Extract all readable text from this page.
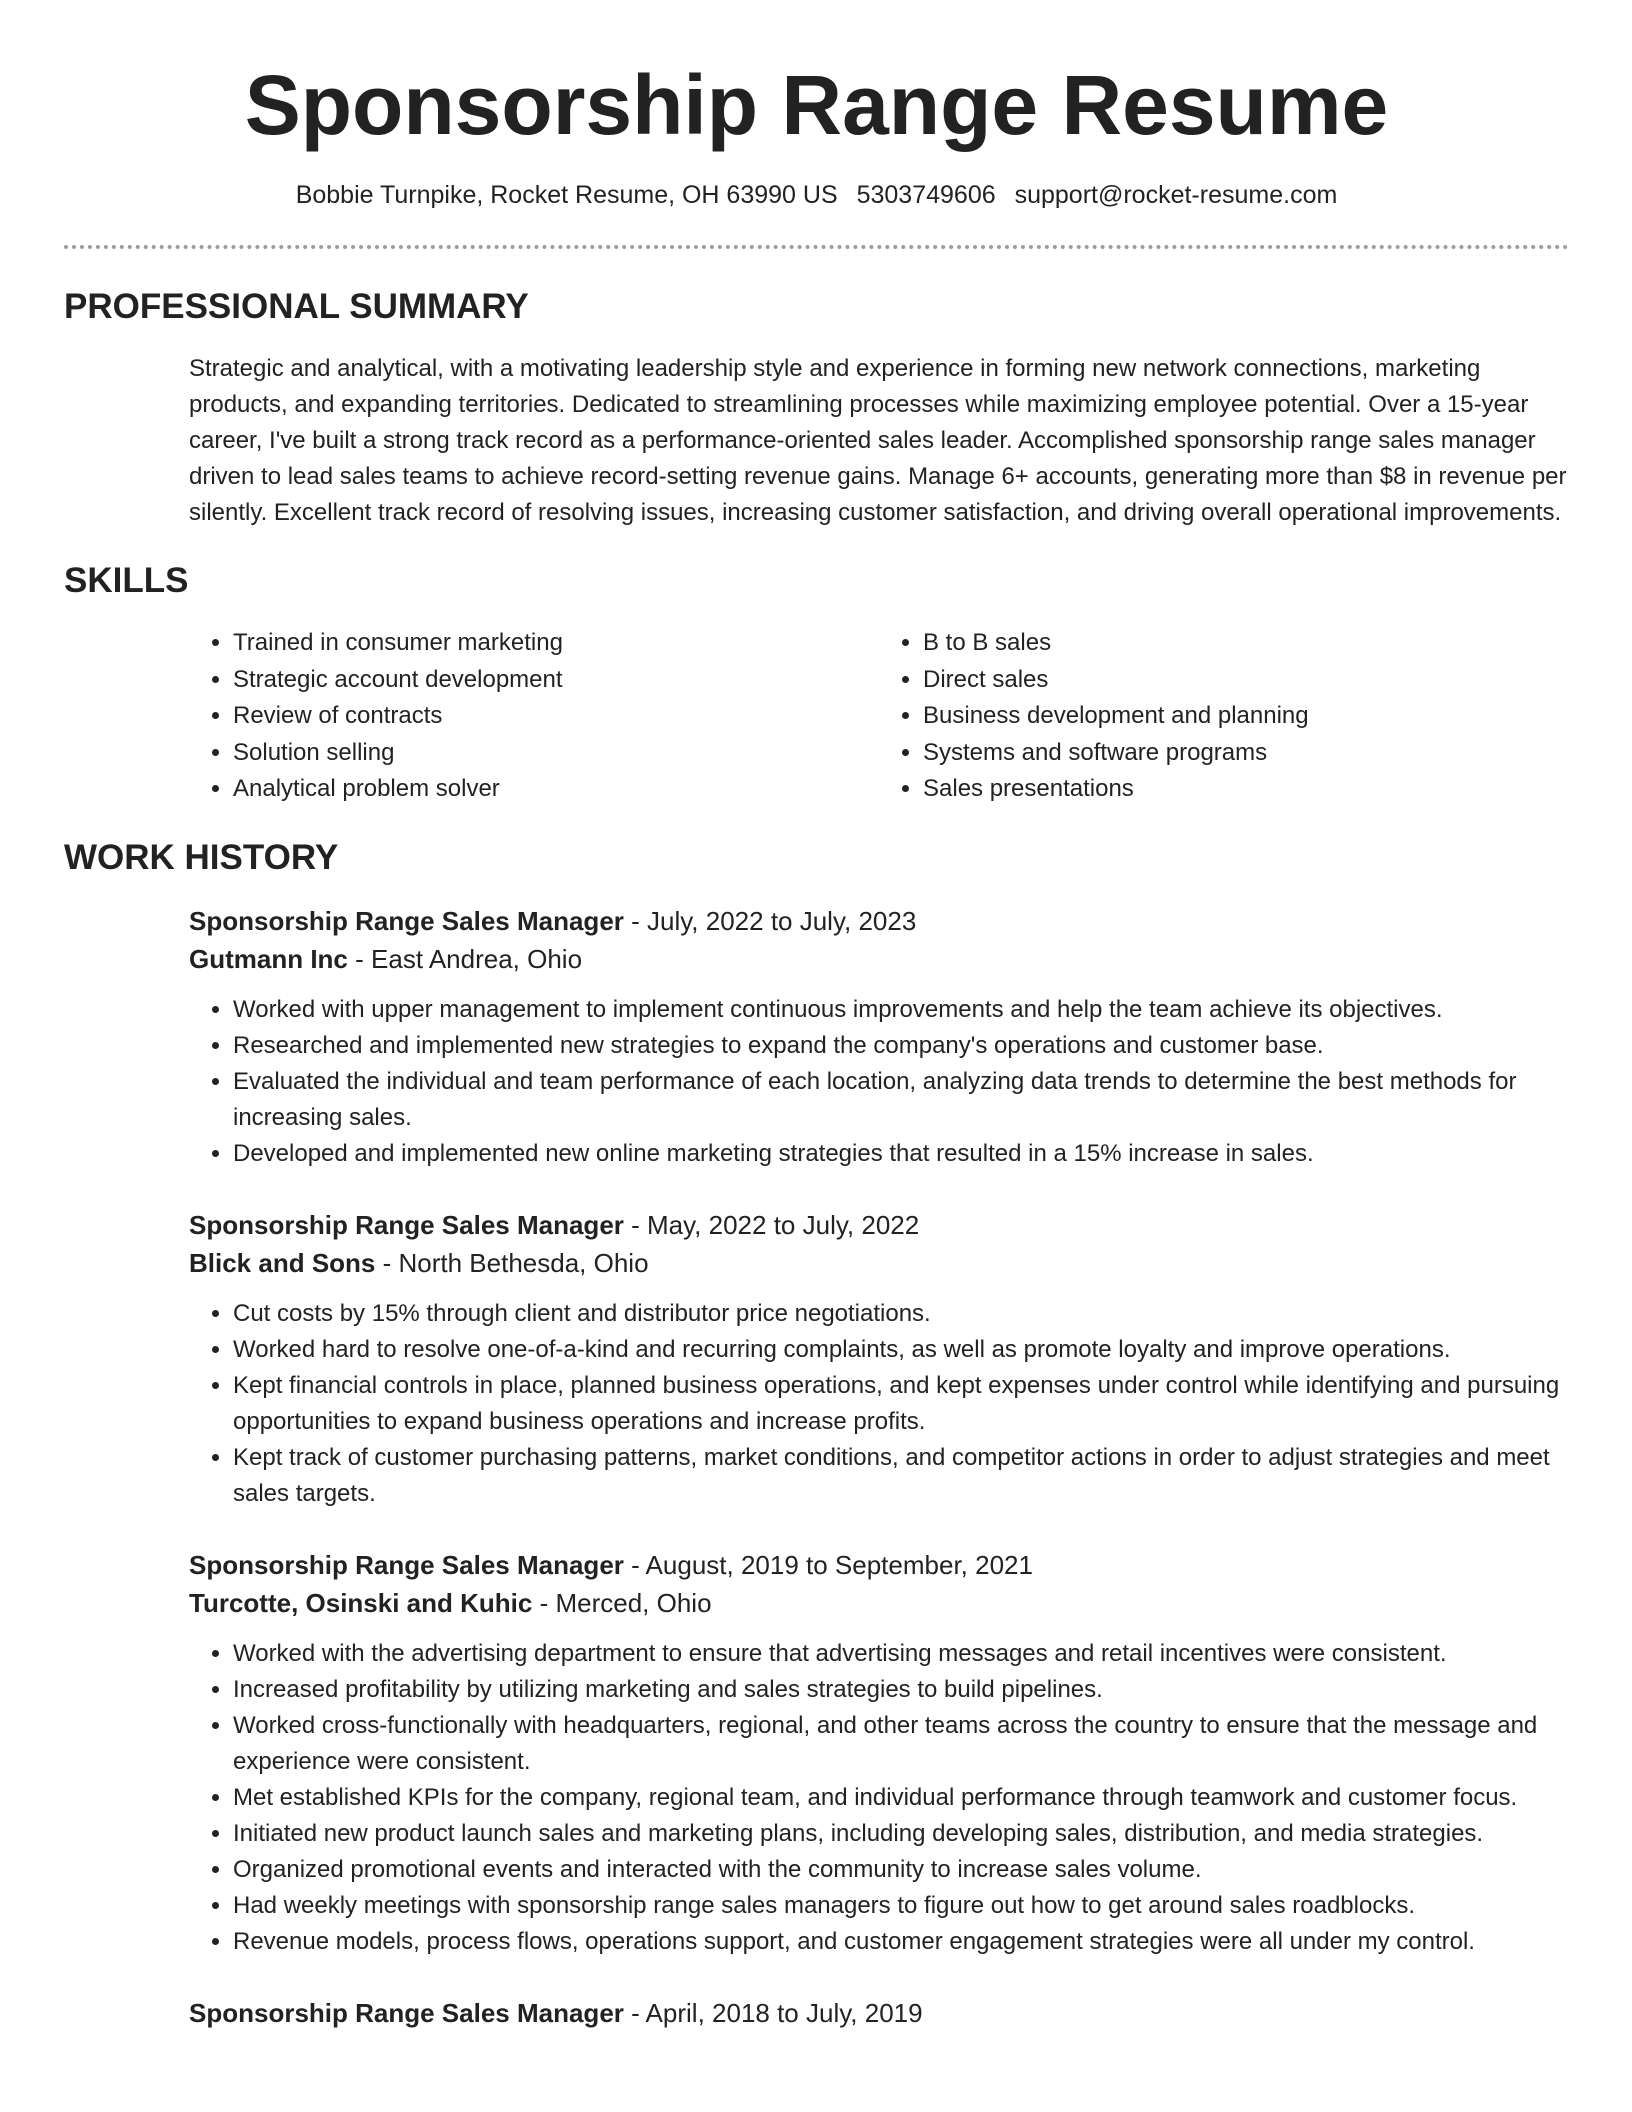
Sponsorship Range Resume
Bobbie Turnpike, Rocket Resume, OH 63990 US 5303749606 support@rocket-resume.com
PROFESSIONAL SUMMARY

Strategic and analytical, with a motivating leadership style and experience in forming new network connections, marketing products, and expanding territories. Dedicated to streamlining processes while maximizing employee potential. Over a 15-year career, I've built a strong track record as a performance-oriented sales leader. Accomplished sponsorship range sales manager driven to lead sales teams to achieve record-setting revenue gains. Manage 6+ accounts, generating more than $8 in revenue per silently. Excellent track record of resolving issues, increasing customer satisfaction, and driving overall operational improvements.

SKILLS
• Trained in consumer marketing
• Strategic account development
• Review of contracts
• Solution selling
• Analytical problem solver
• B to B sales
• Direct sales
• Business development and planning
• Systems and software programs
• Sales presentations
WORK HISTORY
Sponsorship Range Sales Manager - July, 2022 to July, 2023
Gutmann Inc - East Andrea, Ohio
• Worked with upper management to implement continuous improvements and help the team achieve its objectives.
• Researched and implemented new strategies to expand the company's operations and customer base.
• Evaluated the individual and team performance of each location, analyzing data trends to determine the best methods for increasing sales.
• Developed and implemented new online marketing strategies that resulted in a 15% increase in sales.
Sponsorship Range Sales Manager - May, 2022 to July, 2022
Blick and Sons - North Bethesda, Ohio
• Cut costs by 15% through client and distributor price negotiations.
• Worked hard to resolve one-of-a-kind and recurring complaints, as well as promote loyalty and improve operations.
• Kept financial controls in place, planned business operations, and kept expenses under control while identifying and pursuing opportunities to expand business operations and increase profits.
• Kept track of customer purchasing patterns, market conditions, and competitor actions in order to adjust strategies and meet sales targets.
Sponsorship Range Sales Manager - August, 2019 to September, 2021
Turcotte, Osinski and Kuhic - Merced, Ohio
• Worked with the advertising department to ensure that advertising messages and retail incentives were consistent.
• Increased profitability by utilizing marketing and sales strategies to build pipelines.
• Worked cross-functionally with headquarters, regional, and other teams across the country to ensure that the message and experience were consistent.
• Met established KPIs for the company, regional team, and individual performance through teamwork and customer focus.
• Initiated new product launch sales and marketing plans, including developing sales, distribution, and media strategies.
• Organized promotional events and interacted with the community to increase sales volume.
• Had weekly meetings with sponsorship range sales managers to figure out how to get around sales roadblocks.
• Revenue models, process flows, operations support, and customer engagement strategies were all under my control.
Sponsorship Range Sales Manager - April, 2018 to July, 2019
